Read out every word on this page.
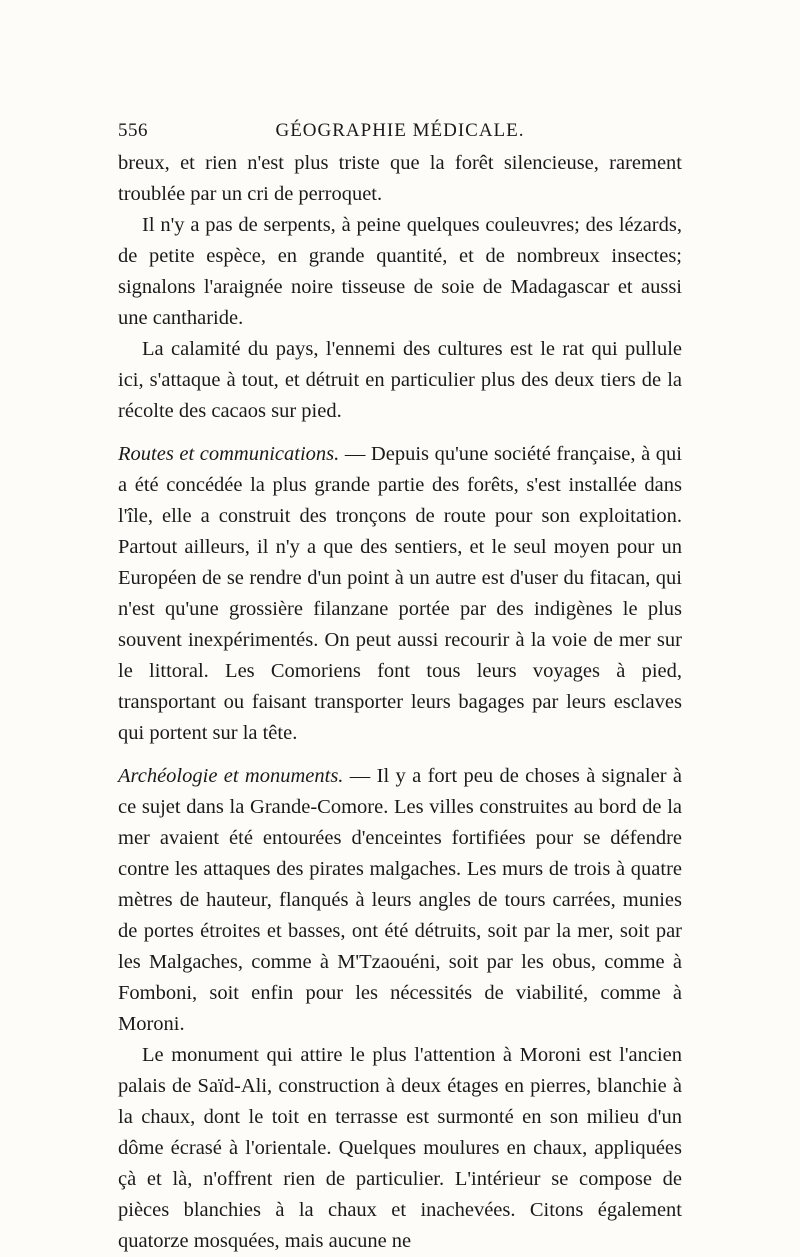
556	GÉOGRAPHIE MÉDICALE.

breux, et rien n'est plus triste que la forêt silencieuse, rarement troublée par un cri de perroquet.

Il n'y a pas de serpents, à peine quelques couleuvres; des lézards, de petite espèce, en grande quantité, et de nombreux insectes; signalons l'araignée noire tisseuse de soie de Madagascar et aussi une cantharide.

La calamité du pays, l'ennemi des cultures est le rat qui pullule ici, s'attaque à tout, et détruit en particulier plus des deux tiers de la récolte des cacaos sur pied.

Routes et communications. — Depuis qu'une société française, à qui a été concédée la plus grande partie des forêts, s'est installée dans l'île, elle a construit des tronçons de route pour son exploitation. Partout ailleurs, il n'y a que des sentiers, et le seul moyen pour un Européen de se rendre d'un point à un autre est d'user du fitacan, qui n'est qu'une grossière filanzane portée par des indigènes le plus souvent inexpérimentés. On peut aussi recourir à la voie de mer sur le littoral. Les Comoriens font tous leurs voyages à pied, transportant ou faisant transporter leurs bagages par leurs esclaves qui portent sur la tête.

Archéologie et monuments. — Il y a fort peu de choses à signaler à ce sujet dans la Grande-Comore. Les villes construites au bord de la mer avaient été entourées d'enceintes fortifiées pour se défendre contre les attaques des pirates malgaches. Les murs de trois à quatre mètres de hauteur, flanqués à leurs angles de tours carrées, munies de portes étroites et basses, ont été détruits, soit par la mer, soit par les Malgaches, comme à M'Tzaouéni, soit par les obus, comme à Fomboni, soit enfin pour les nécessités de viabilité, comme à Moroni.

Le monument qui attire le plus l'attention à Moroni est l'ancien palais de Saïd-Ali, construction à deux étages en pierres, blanchie à la chaux, dont le toit en terrasse est surmonté en son milieu d'un dôme écrasé à l'orientale. Quelques moulures en chaux, appliquées çà et là, n'offrent rien de particulier. L'intérieur se compose de pièces blanchies à la chaux et inachevées. Citons également quatorze mosquées, mais aucune ne
